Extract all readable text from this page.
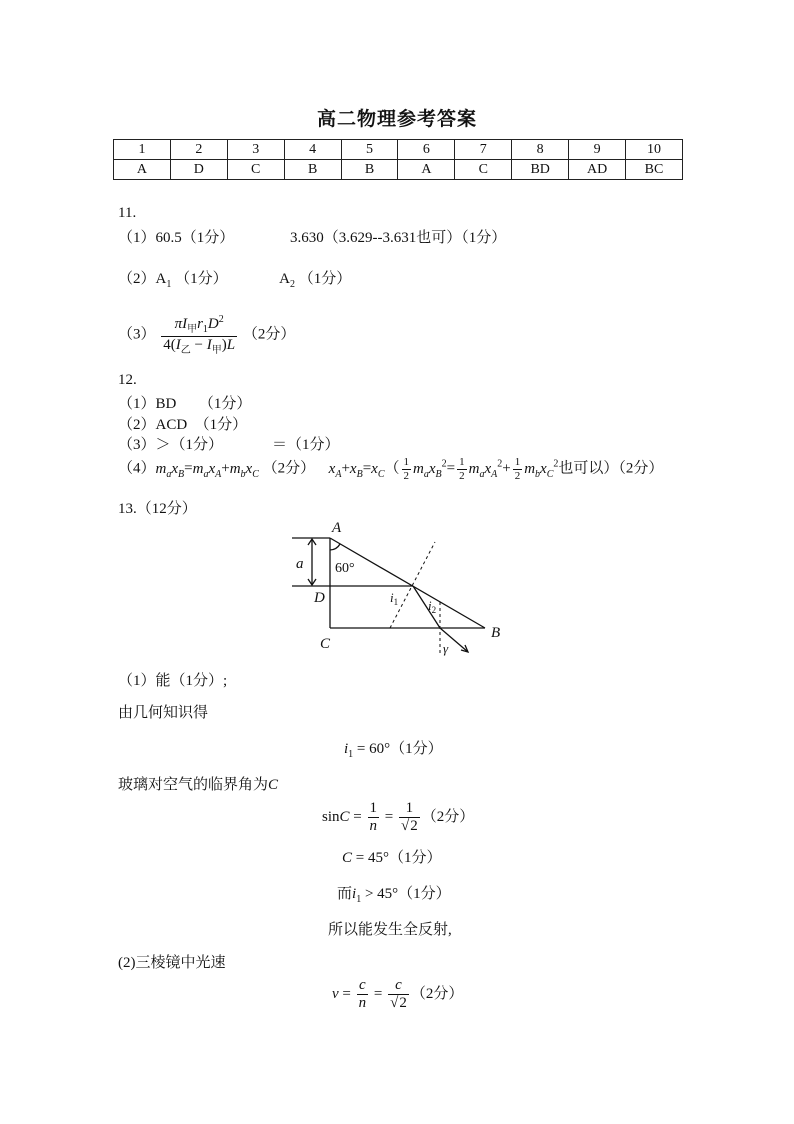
高二物理参考答案
1	2	3	4	5	6	7	8	9	10
A	D	C	B	B	A	C	BD	AD	BC
11.
（1）60.5（1分）	3.630（3.629--3.631也可）（1分）
$(2)A_1$ （1分）	$A_2$ （1分）
$(3) \frac{\pi I_甲r_1D^2}{4(I_乙 - I_甲)L} (2$分）
12.
（1）BD　　（1分）
（2）ACD　（1分）
（3）＞（1分）	＝（1分）
$(4)m_ax_B=m_ax_A+m_bx_C$ （2分） $x_A+x_B=x_C( \frac{1}{2} m_ax_B^2= \frac{1}{2} m_ax_A^2+ \frac{1}{2} m_bx_C^2$也可以）（2分）
13.（12分）
A
B
C
D
a
$i_1$ $i_2$
γ
60°
（1）能（1分）;
由几何知识得
$i_1 = 60^\circ(1$分）
玻璃对空气的临界角为C
$\sin C = \frac{1}{n} = \frac{1}{√2} (2$分）
C = 45°（1分）
而$i_1 > 45^\circ(1$分）
所以能发生全反射,
(2)三棱镜中光速
$v = \frac{c}{n} = \frac{c}{√2} (2$分）
